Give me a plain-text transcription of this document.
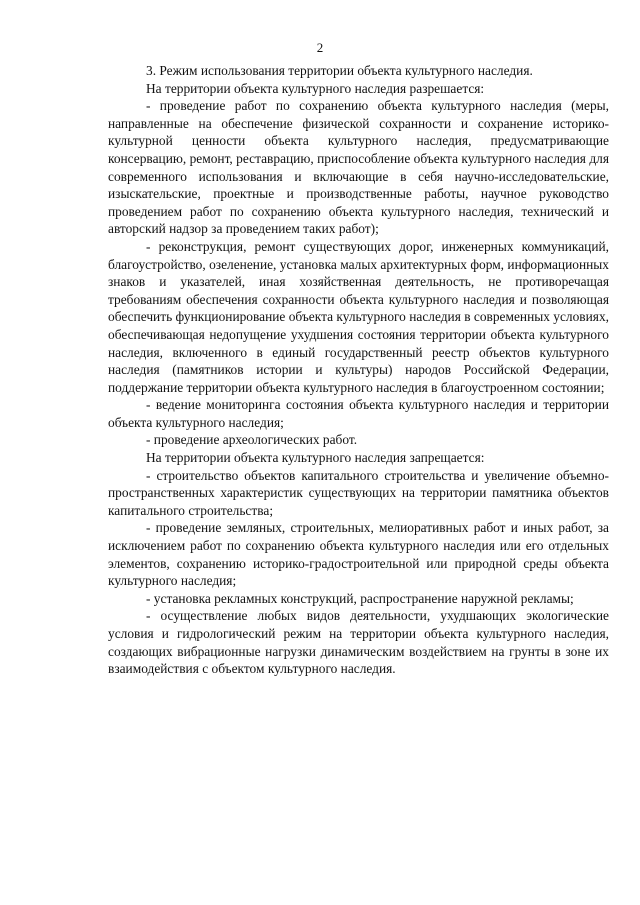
2

3. Режим использования территории объекта культурного наследия.

На территории объекта культурного наследия разрешается:

- проведение работ по сохранению объекта культурного наследия (меры, направленные на обеспечение физической сохранности и сохранение историко-культурной ценности объекта культурного наследия, предусматривающие консервацию, ремонт, реставрацию, приспособление объекта культурного наследия для современного использования и включающие в себя научно-исследовательские, изыскательские, проектные и производственные работы, научное руководство проведением работ по сохранению объекта культурного наследия, технический и авторский надзор за проведением таких работ);

- реконструкция, ремонт существующих дорог, инженерных коммуникаций, благоустройство, озеленение, установка малых архитектурных форм, информационных знаков и указателей, иная хозяйственная деятельность, не противоречащая требованиям обеспечения сохранности объекта культурного наследия и позволяющая обеспечить функционирование объекта культурного наследия в современных условиях, обеспечивающая недопущение ухудшения состояния территории объекта культурного наследия, включенного в единый государственный реестр объектов культурного наследия (памятников истории и культуры) народов Российской Федерации, поддержание территории объекта культурного наследия в благоустроенном состоянии;

- ведение мониторинга состояния объекта культурного наследия и территории объекта культурного наследия;

- проведение археологических работ.

На территории объекта культурного наследия запрещается:

- строительство объектов капитального строительства и увеличение объемно-пространственных характеристик существующих на территории памятника объектов капитального строительства;

- проведение земляных, строительных, мелиоративных работ и иных работ, за исключением работ по сохранению объекта культурного наследия или его отдельных элементов, сохранению историко-градостроительной или природной среды объекта культурного наследия;

- установка рекламных конструкций, распространение наружной рекламы;

- осуществление любых видов деятельности, ухудшающих экологические условия и гидрологический режим на территории объекта культурного наследия, создающих вибрационные нагрузки динамическим воздействием на грунты в зоне их взаимодействия с объектом культурного наследия.
